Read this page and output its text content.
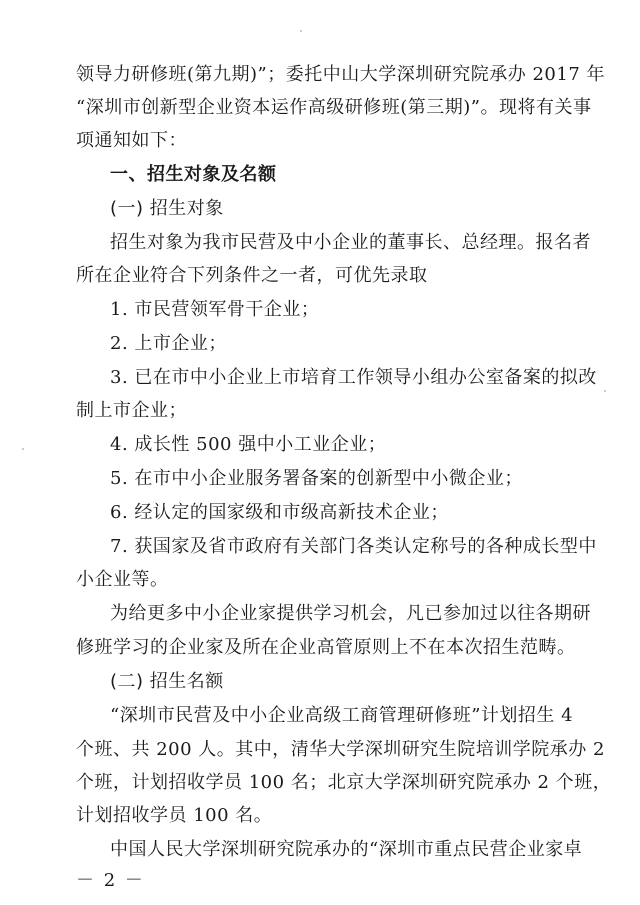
领导力研修班(第九期)”；委托中山大学深圳研究院承办 2017 年
“深圳市创新型企业资本运作高级研修班(第三期)”。现将有关事
项通知如下：
一、招生对象及名额
(一) 招生对象
招生对象为我市民营及中小企业的董事长、总经理。报名者
所在企业符合下列条件之一者，可优先录取
1. 市民营领军骨干企业；
2. 上市企业；
3. 已在市中小企业上市培育工作领导小组办公室备案的拟改
制上市企业；
4. 成长性 500 强中小工业企业；
5. 在市中小企业服务署备案的创新型中小微企业；
6. 经认定的国家级和市级高新技术企业；
7. 获国家及省市政府有关部门各类认定称号的各种成长型中
小企业等。
为给更多中小企业家提供学习机会，凡已参加过以往各期研
修班学习的企业家及所在企业高管原则上不在本次招生范畴。
(二) 招生名额
“深圳市民营及中小企业高级工商管理研修班”计划招生 4
个班、共 200 人。其中，清华大学深圳研究生院培训学院承办 2
个班，计划招收学员 100 名；北京大学深圳研究院承办 2 个班，
计划招收学员 100 名。
中国人民大学深圳研究院承办的“深圳市重点民营企业家卓
－ 2 －
